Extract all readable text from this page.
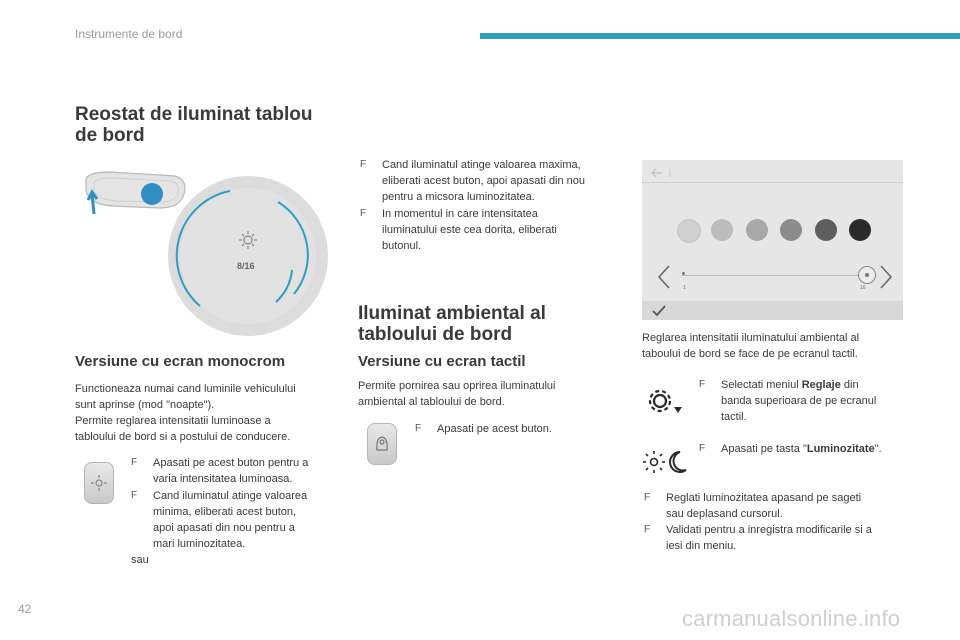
Instrumente de bord
Reostat de iluminat tablou
de bord
8/16
Versiune cu ecran monocrom
Functioneaza numai cand luminile vehiculului
sunt aprinse (mod "noapte").
Permite reglarea intensitatii luminoase a
tabloului de bord si a postului de conducere.
F	Apasati pe acest buton pentru a
varia intensitatea luminoasa.
F	Cand iluminatul atinge valoarea
minima, eliberati acest buton,
apoi apasati din nou pentru a
mari luminozitatea.
sau
F	Cand iluminatul atinge valoarea maxima,
eliberati acest buton, apoi apasati din nou
pentru a micsora luminozitatea.
F	In momentul in care intensitatea
iluminatului este cea dorita, eliberati
butonul.
Iluminat ambiental al
tabloului de bord
Versiune cu ecran tactil
Permite pornirea sau oprirea iluminatului
ambiental al tabloului de bord.
F	Apasati pe acest buton.
1	16
Reglarea intensitatii iluminatului ambiental al
taboului de bord se face de pe ecranul tactil.
F	Selectati meniul Reglaje din
banda superioara de pe ecranul
tactil.
F	Apasati pe tasta "Luminozitate".
F	Reglati luminozitatea apasand pe sageti
sau deplasand cursorul.
F	Validati pentru a inregistra modificarile si a
iesi din meniu.
42	carmanualsonline.info
